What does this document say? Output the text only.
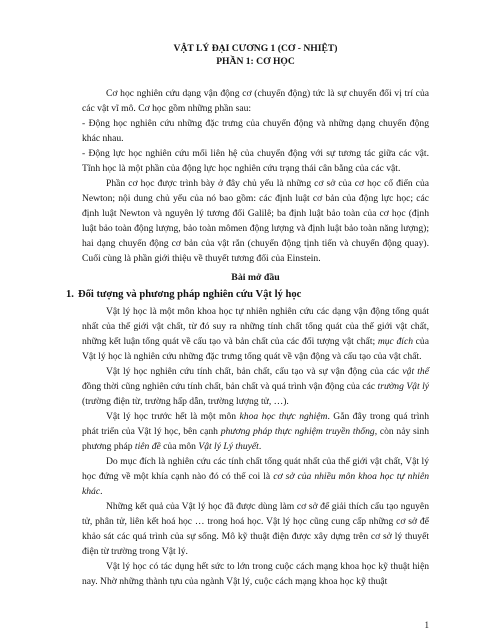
VẬT LÝ ĐẠI CƯƠNG 1 (CƠ - NHIỆT)

PHẦN 1: CƠ HỌC

Cơ học nghiên cứu dạng vận động cơ (chuyển động) tức là sự chuyển đổi vị trí của các vật vĩ mô. Cơ học gồm những phần sau:

- Động học nghiên cứu những đặc trưng của chuyển động và những dạng chuyển động khác nhau.

- Động lực học nghiên cứu mối liên hệ của chuyển động với sự tương tác giữa các vật. Tĩnh học là một phần của động lực học nghiên cứu trạng thái cân bằng của các vật.

Phần cơ học được trình bày ở đây chủ yếu là những cơ sở của cơ học cổ điển của Newton; nội dung chủ yếu của nó bao gồm: các định luật cơ bản của động lực học; các định luật Newton và nguyên lý tương đối Galilê; ba định luật bảo toàn của cơ học (định luật bảo toàn động lượng, bảo toàn mômen động lượng và định luật bảo toàn năng lượng); hai dạng chuyển động cơ bản của vật rắn (chuyển động tịnh tiến và chuyển động quay). Cuối cùng là phần giới thiệu về thuyết tương đối của Einstein.

Bài mở đầu
1. Đối tượng và phương pháp nghiên cứu Vật lý học

Vật lý học là một môn khoa học tự nhiên nghiên cứu các dạng vận động tổng quát nhất của thế giới vật chất, từ đó suy ra những tính chất tổng quát của thế giới vật chất, những kết luận tổng quát về cấu tạo và bản chất của các đối tượng vật chất; mục đích của Vật lý học là nghiên cứu những đặc trưng tổng quát về vận động và cấu tạo của vật chất.

Vật lý học nghiên cứu tính chất, bản chất, cấu tạo và sự vận động của các vật thể đồng thời cũng nghiên cứu tính chất, bản chất và quá trình vận động của các trường Vật lý (trường điện từ, trường hấp dẫn, trường lượng tử, …).

Vật lý học trước hết là một môn khoa học thực nghiệm. Gắn đây trong quá trình phát triển của Vật lý học, bên cạnh phương pháp thực nghiệm truyền thống, còn nảy sinh phương pháp tiên đề của môn Vật lý Lý thuyết.

Do mục đích là nghiên cứu các tính chất tổng quát nhất của thế giới vật chất, Vật lý học đứng về một khía cạnh nào đó có thể coi là cơ sở của nhiều môn khoa học tự nhiên khác.

Những kết quả của Vật lý học đã được dùng làm cơ sở để giải thích cấu tạo nguyên tử, phân tử, liên kết hoá học … trong hoá học. Vật lý học cũng cung cấp những cơ sở để khảo sát các quá trình của sự sống. Mô kỹ thuật điện được xây dựng trên cơ sở lý thuyết điện từ trường trong Vật lý.

Vật lý học có tác dụng hết sức to lớn trong cuộc cách mạng khoa học kỹ thuật hiện nay. Nhờ những thành tựu của ngành Vật lý, cuộc cách mạng khoa học kỹ thuật

1
